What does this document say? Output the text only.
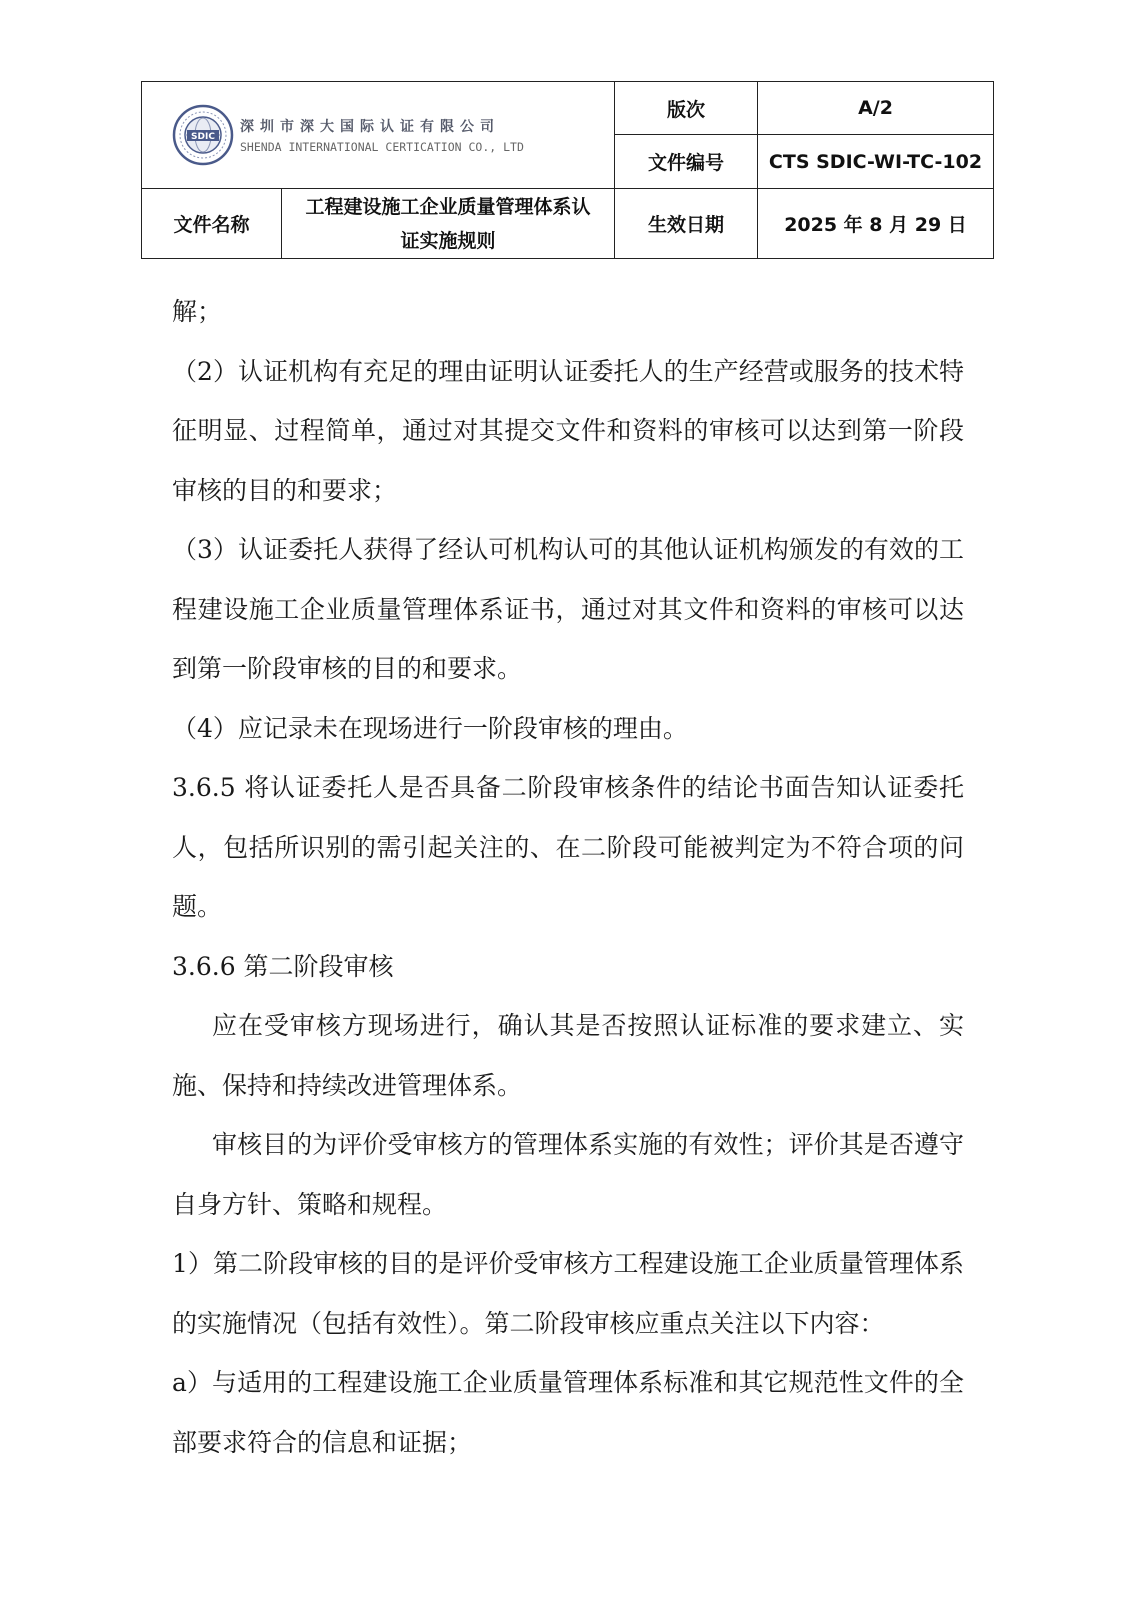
SDIC
深圳市深大国际认证有限公司
SHENDA INTERNATIONAL CERTICATION CO., LTD		版次	A/2
		文件编号	CTS SDIC-WI-TC-102
文件名称	工程建设施工企业质量管理体系认证实施规则	生效日期	2025 年 8 月 29 日

解；

（2）认证机构有充足的理由证明认证委托人的生产经营或服务的技术特征明显、过程简单，通过对其提交文件和资料的审核可以达到第一阶段审核的目的和要求；

（3）认证委托人获得了经认可机构认可的其他认证机构颁发的有效的工程建设施工企业质量管理体系证书，通过对其文件和资料的审核可以达到第一阶段审核的目的和要求。

（4）应记录未在现场进行一阶段审核的理由。

3.6.5 将认证委托人是否具备二阶段审核条件的结论书面告知认证委托人，包括所识别的需引起关注的、在二阶段可能被判定为不符合项的问题。

3.6.6 第二阶段审核

应在受审核方现场进行，确认其是否按照认证标准的要求建立、实施、保持和持续改进管理体系。

审核目的为评价受审核方的管理体系实施的有效性；评价其是否遵守自身方针、策略和规程。

1）第二阶段审核的目的是评价受审核方工程建设施工企业质量管理体系的实施情况（包括有效性）。第二阶段审核应重点关注以下内容：

a）与适用的工程建设施工企业质量管理体系标准和其它规范性文件的全部要求符合的信息和证据；
